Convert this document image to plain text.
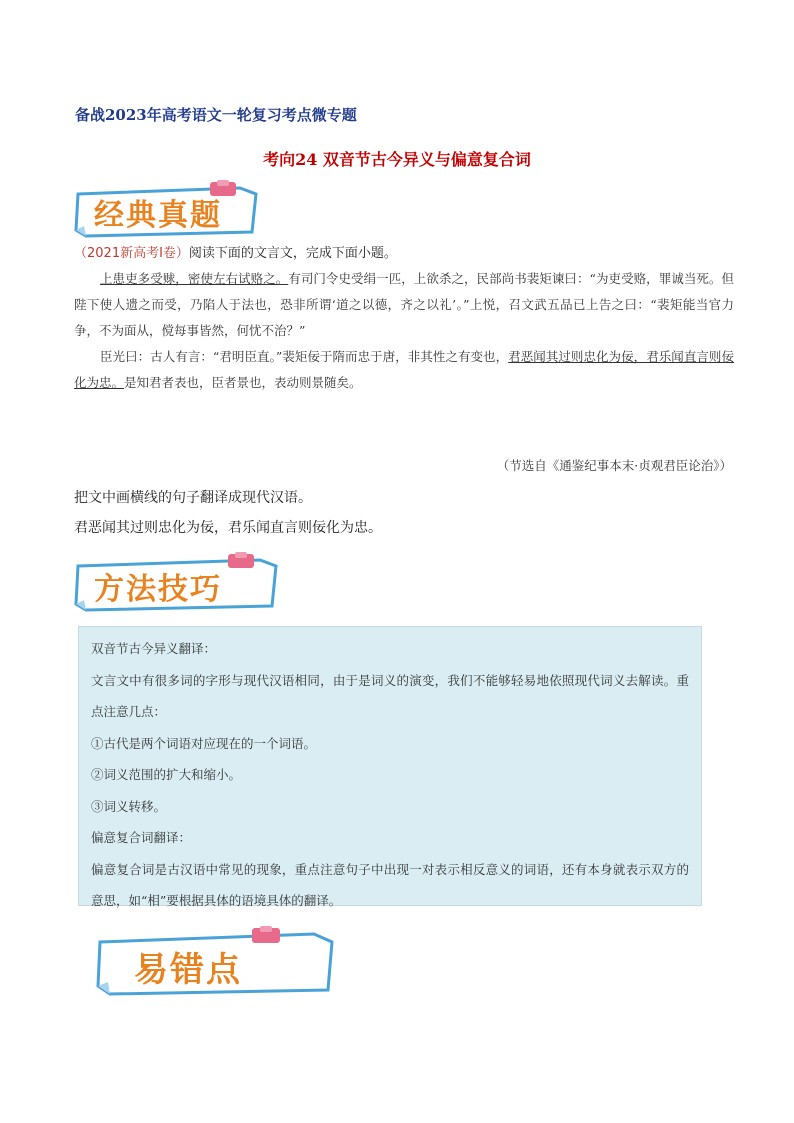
备战2023年高考语文一轮复习考点微专题
考向24 双音节古今异义与偏意复合词
经典真题
（2021新高考Ⅰ卷）阅读下面的文言文，完成下面小题。

上患吏多受赇，密使左右试赂之。有司门令史受绢一匹，上欲杀之，民部尚书裴矩谏曰：“为吏受赂，罪诚当死。但陛下使人遗之而受，乃陷人于法也，恐非所谓‘道之以德，齐之以礼’。”上悦，召文武五品已上告之曰：“裴矩能当官力争，不为面从，傥每事皆然，何忧不治？”

臣光曰：古人有言：“君明臣直。”裴矩佞于隋而忠于唐，非其性之有变也，君恶闻其过则忠化为佞，君乐闻直言则佞化为忠。是知君者表也，臣者景也，表动则景随矣。

（节选自《通鉴纪事本末·贞观君臣论治》）
把文中画横线的句子翻译成现代汉语。
君恶闻其过则忠化为佞，君乐闻直言则佞化为忠。
方法技巧
双音节古今异义翻译：
文言文中有很多词的字形与现代汉语相同，由于是词义的演变，我们不能够轻易地依照现代词义去解读。重点注意几点：
①古代是两个词语对应现在的一个词语。
②词义范围的扩大和缩小。
③词义转移。
偏意复合词翻译：
偏意复合词是古汉语中常见的现象，重点注意句子中出现一对表示相反意义的词语，还有本身就表示双方的意思，如“相”要根据具体的语境具体的翻译。
易错点
